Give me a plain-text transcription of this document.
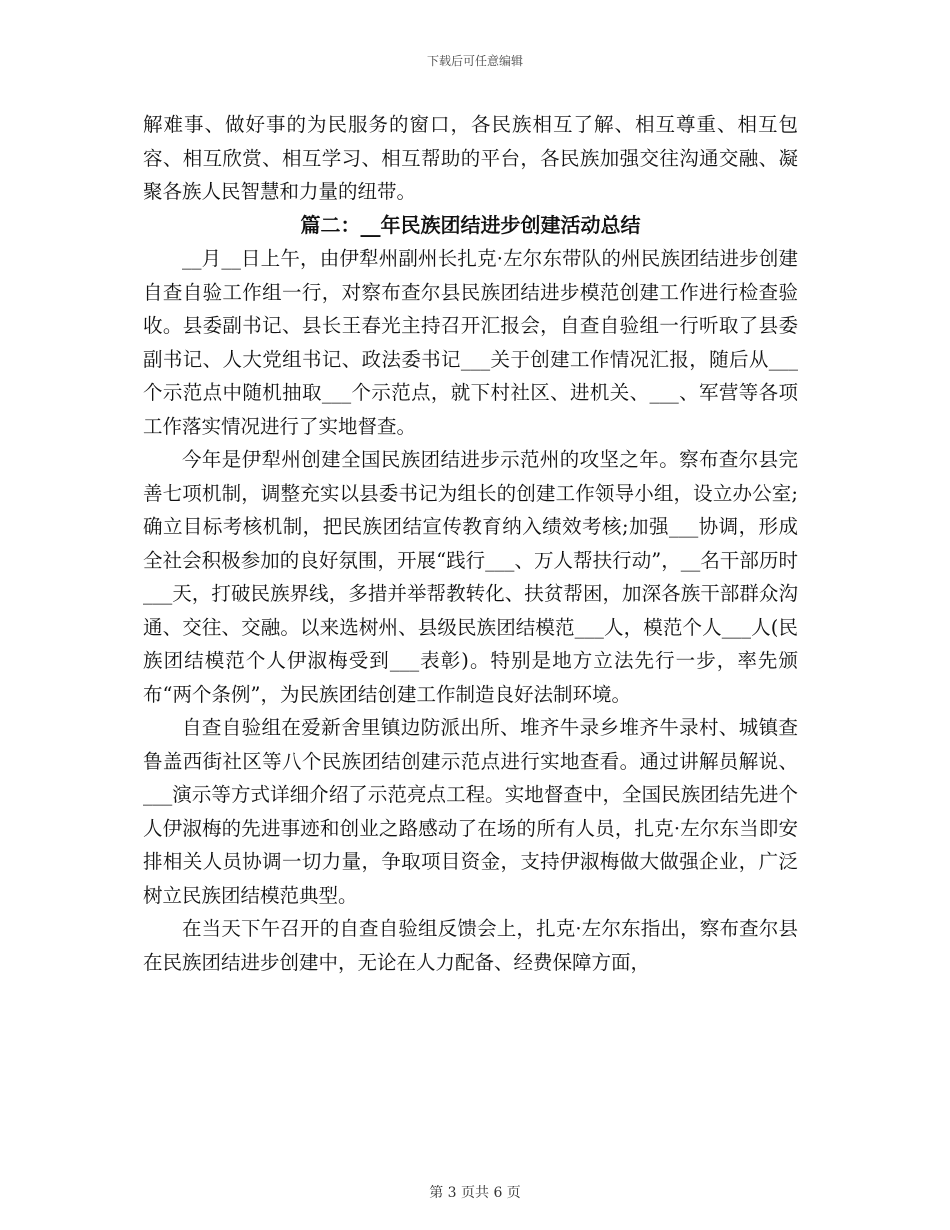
下载后可任意编辑

解难事、做好事的为民服务的窗口，各民族相互了解、相互尊重、相互包容、相互欣赏、相互学习、相互帮助的平台，各民族加强交往沟通交融、凝聚各族人民智慧和力量的纽带。

篇二：__年民族团结进步创建活动总结

__月__日上午，由伊犁州副州长扎克·左尔东带队的州民族团结进步创建自查自验工作组一行，对察布查尔县民族团结进步模范创建工作进行检查验收。县委副书记、县长王春光主持召开汇报会，自查自验组一行听取了县委副书记、人大党组书记、政法委书记___关于创建工作情况汇报，随后从___个示范点中随机抽取___个示范点，就下村社区、进机关、___、军营等各项工作落实情况进行了实地督查。

今年是伊犁州创建全国民族团结进步示范州的攻坚之年。察布查尔县完善七项机制，调整充实以县委书记为组长的创建工作领导小组，设立办公室;确立目标考核机制，把民族团结宣传教育纳入绩效考核;加强___协调，形成全社会积极参加的良好氛围，开展“践行___、万人帮扶行动”，__名干部历时___天，打破民族界线，多措并举帮教转化、扶贫帮困，加深各族干部群众沟通、交往、交融。以来选树州、县级民族团结模范___人，模范个人___人(民族团结模范个人伊淑梅受到___表彰)。特别是地方立法先行一步，率先颁布“两个条例”，为民族团结创建工作制造良好法制环境。

自查自验组在爱新舍里镇边防派出所、堆齐牛录乡堆齐牛录村、城镇查鲁盖西街社区等八个民族团结创建示范点进行实地查看。通过讲解员解说、___演示等方式详细介绍了示范亮点工程。实地督查中，全国民族团结先进个人伊淑梅的先进事迹和创业之路感动了在场的所有人员，扎克·左尔东当即安排相关人员协调一切力量，争取项目资金，支持伊淑梅做大做强企业，广泛树立民族团结模范典型。

在当天下午召开的自查自验组反馈会上，扎克·左尔东指出，察布查尔县在民族团结进步创建中，无论在人力配备、经费保障方面，

第 3 页共 6 页
